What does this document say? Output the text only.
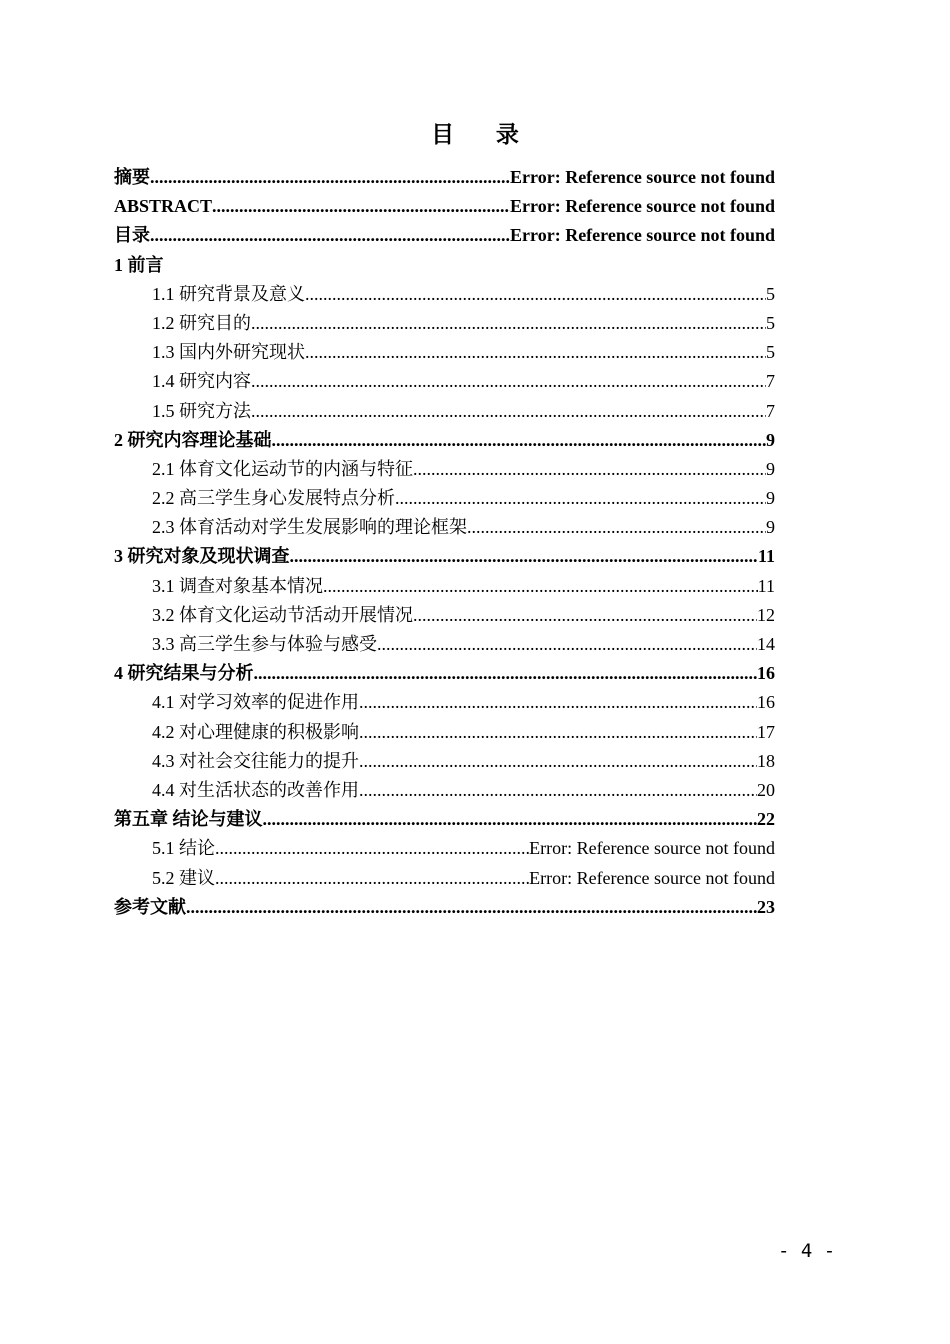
目 录
摘要 .....	Error: Reference source not found
ABSTRACT .....	Error: Reference source not found
目录 .....	Error: Reference source not found
1 前言
1.1 研究背景及意义 .....	5
1.2 研究目的 .....	5
1.3 国内外研究现状 .....	5
1.4 研究内容 .....	7
1.5 研究方法 .....	7
2 研究内容理论基础 .....	9
2.1 体育文化运动节的内涵与特征 .....	9
2.2 高三学生身心发展特点分析 .....	9
2.3 体育活动对学生发展影响的理论框架 .....	9
3 研究对象及现状调查 .....	11
3.1 调查对象基本情况 .....	11
3.2 体育文化运动节活动开展情况 .....	12
3.3 高三学生参与体验与感受 .....	14
4 研究结果与分析 .....	16
4.1 对学习效率的促进作用 .....	16
4.2 对心理健康的积极影响 .....	17
4.3 对社会交往能力的提升 .....	18
4.4 对生活状态的改善作用 .....	20
第五章 结论与建议 .....	22
5.1 结论 .....	Error: Reference source not found
5.2 建议 .....	Error: Reference source not found
参考文献 .....	23
- 4 -
